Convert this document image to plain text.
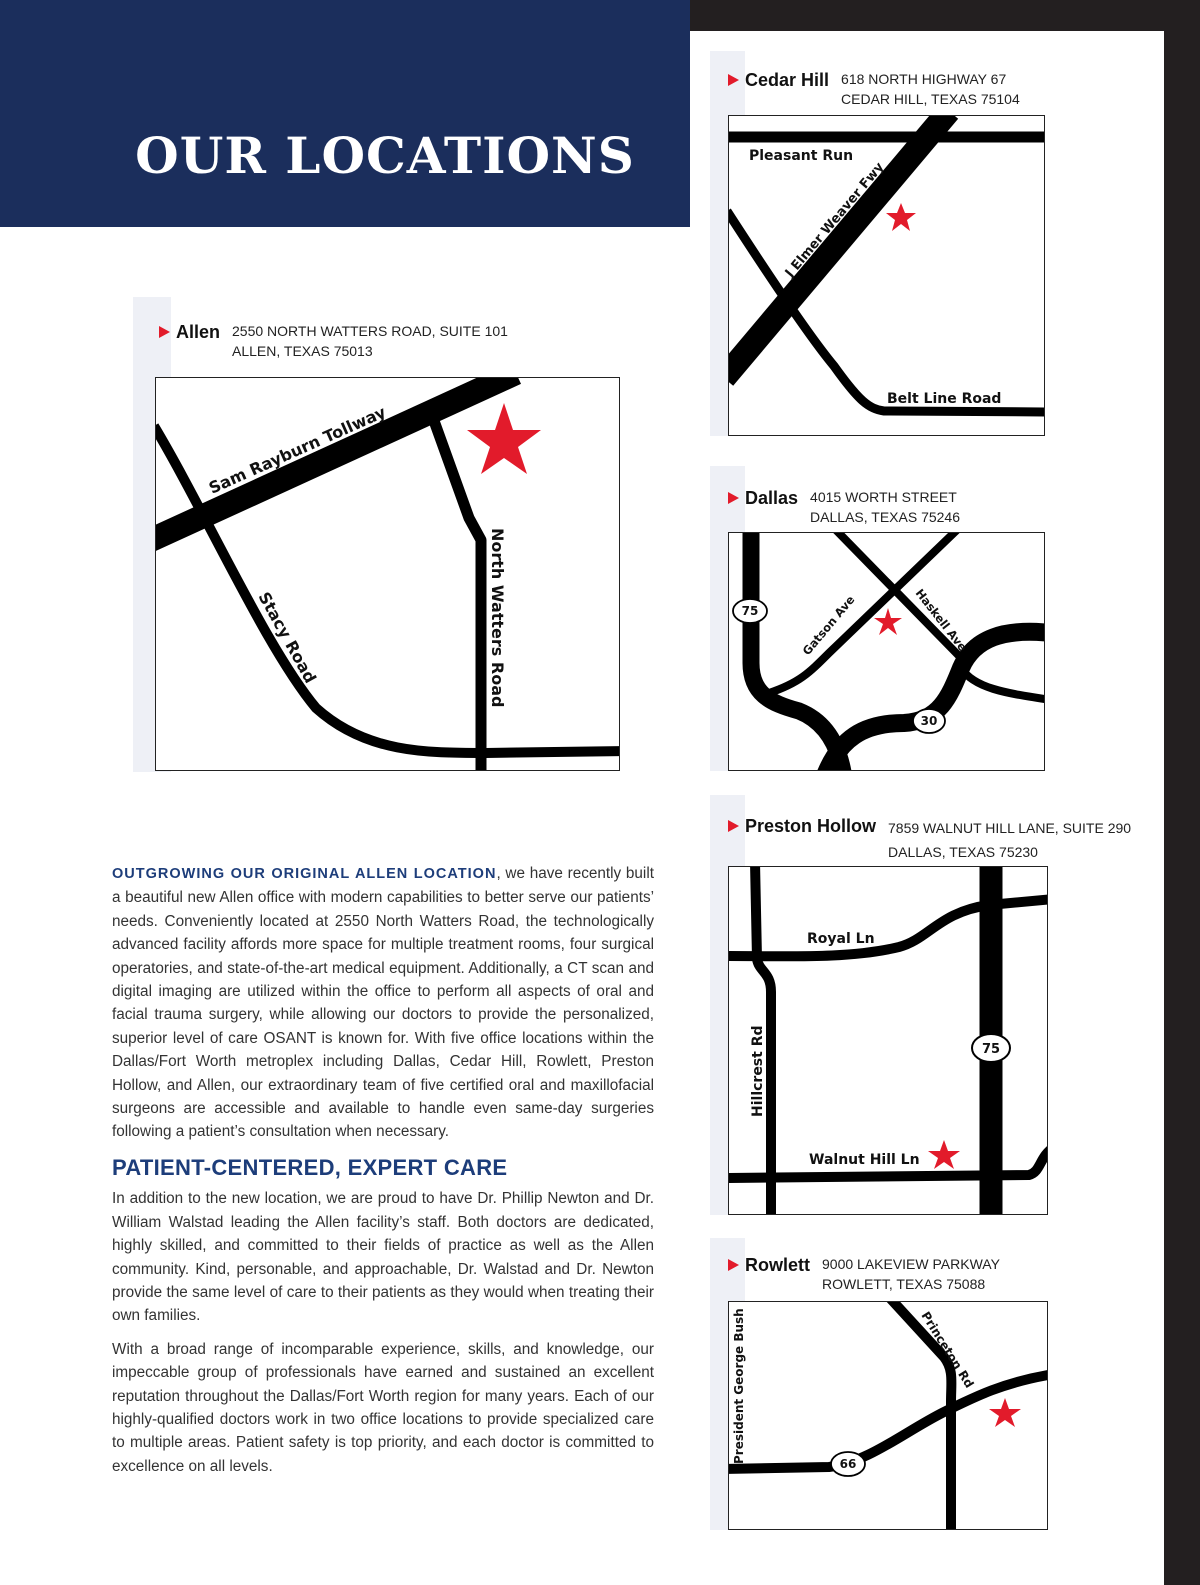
OUR LOCATIONS
Allen 2550 NORTH WATTERS ROAD, SUITE 101
ALLEN, TEXAS 75013
Sam Rayburn Tollway
Stacy Road	North Watters Road
Cedar Hill 618 NORTH HIGHWAY 67
CEDAR HILL, TEXAS 75104
Pleasant Run
J Elmer Weaver Fwy
Belt Line Road
Dallas 4015 WORTH STREET
DALLAS, TEXAS 75246
75
30
Gatson Ave	Haskell Ave
Preston Hollow 7859 WALNUT HILL LANE, SUITE 290
DALLAS, TEXAS 75230
75
Royal Ln
Hillcrest Rd
Walnut Hill Ln
Rowlett 9000 LAKEVIEW PARKWAY
ROWLETT, TEXAS 75088
66
Princeton Rd
President George Bush

OUTGROWING OUR ORIGINAL ALLEN LOCATION, we have recently built a beautiful new Allen office with modern capabilities to better serve our patients’ needs. Conveniently located at 2550 North Watters Road, the technologically advanced facility affords more space for multiple treatment rooms, four surgical operatories, and state-of-the-art medical equipment. Additionally, a CT scan and digital imaging are utilized within the office to perform all aspects of oral and facial trauma surgery, while allowing our doctors to provide the personalized, superior level of care OSANT is known for. With five office locations within the Dallas/Fort Worth metroplex including Dallas, Cedar Hill, Rowlett, Preston Hollow, and Allen, our extraordinary team of five certified oral and maxillofacial surgeons are accessible and available to handle even same-day surgeries following a patient’s consultation when necessary.

PATIENT-CENTERED, EXPERT CARE

In addition to the new location, we are proud to have Dr. Phillip Newton and Dr. William Walstad leading the Allen facility’s staff. Both doctors are dedicated, highly skilled, and committed to their fields of practice as well as the Allen community. Kind, personable, and approachable, Dr. Walstad and Dr. Newton provide the same level of care to their patients as they would when treating their own families.

With a broad range of incomparable experience, skills, and knowledge, our impeccable group of professionals have earned and sustained an excellent reputation throughout the Dallas/Fort Worth region for many years. Each of our highly-qualified doctors work in two office locations to provide specialized care to multiple areas. Patient safety is top priority, and each doctor is committed to excellence on all levels.
